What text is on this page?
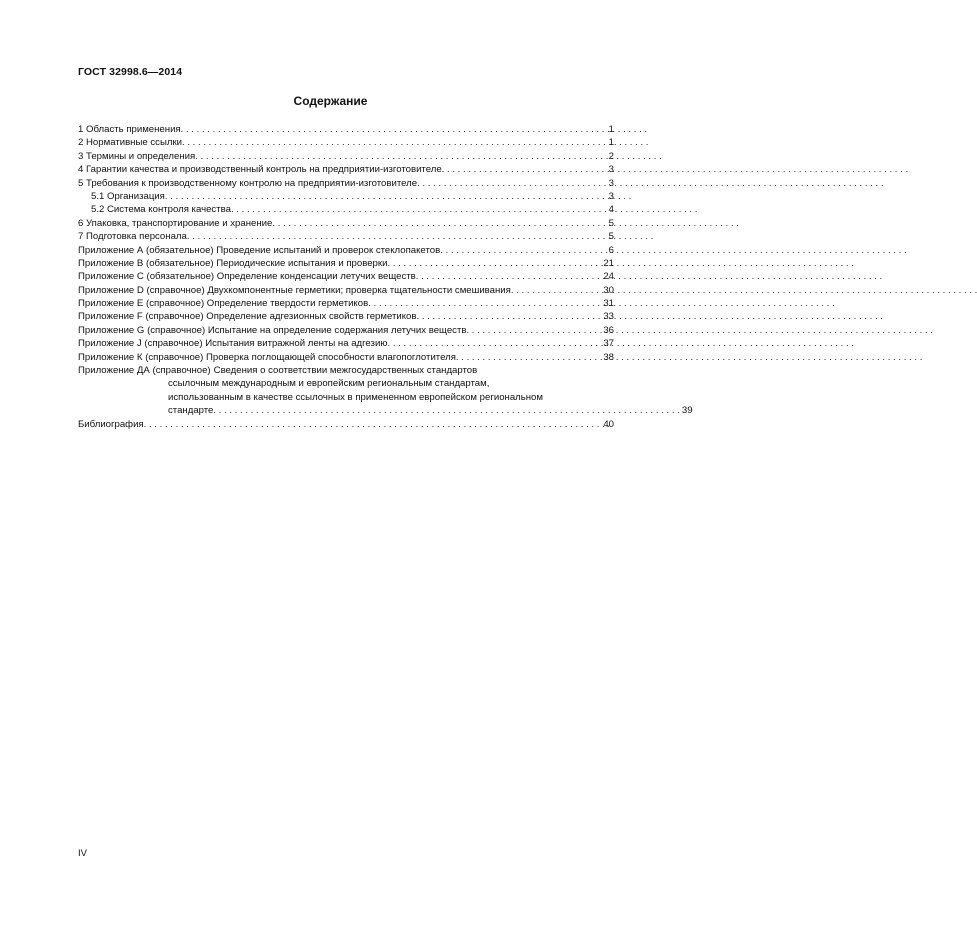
ГОСТ 32998.6—2014
Содержание
1 Область применения . . .	1
2 Нормативные ссылки . . .	1
3 Термины и определения . . .	2
4 Гарантии качества и производственный контроль на предприятии-изготовителе . . .	3
5 Требования к производственному контролю на предприятии-изготовителе . . .	3
5.1 Организация . . .	3
5.2 Система контроля качества . . .	4
6 Упаковка, транспортирование и хранение . . .	5
7 Подготовка персонала . . .	5
Приложение А (обязательное) Проведение испытаний и проверок стеклопакетов . . .	6
Приложение В (обязательное) Периодические испытания и проверки . . .	21
Приложение С (обязательное) Определение конденсации летучих веществ . . .	24
Приложение D (справочное) Двухкомпонентные герметики; проверка тщательности смешивания . . .	30
Приложение Е (справочное) Определение твердости герметиков . . .	31
Приложение F (справочное) Определение адгезионных свойств герметиков . . .	33
Приложение G (справочное) Испытание на определение содержания летучих веществ . . .	36
Приложение J (справочное) Испытания витражной ленты на адгезию . . .	37
Приложение К (справочное) Проверка поглощающей способности влагопоглотителя . . .	38
Приложение ДА (справочное) Сведения о соответствии межгосударственных стандартов
ссылочным международным и европейским региональным стандартам,
использованным в качестве ссылочных в примененном европейском региональном
стандарте . . .	39
Библиография . . .	40
IV
